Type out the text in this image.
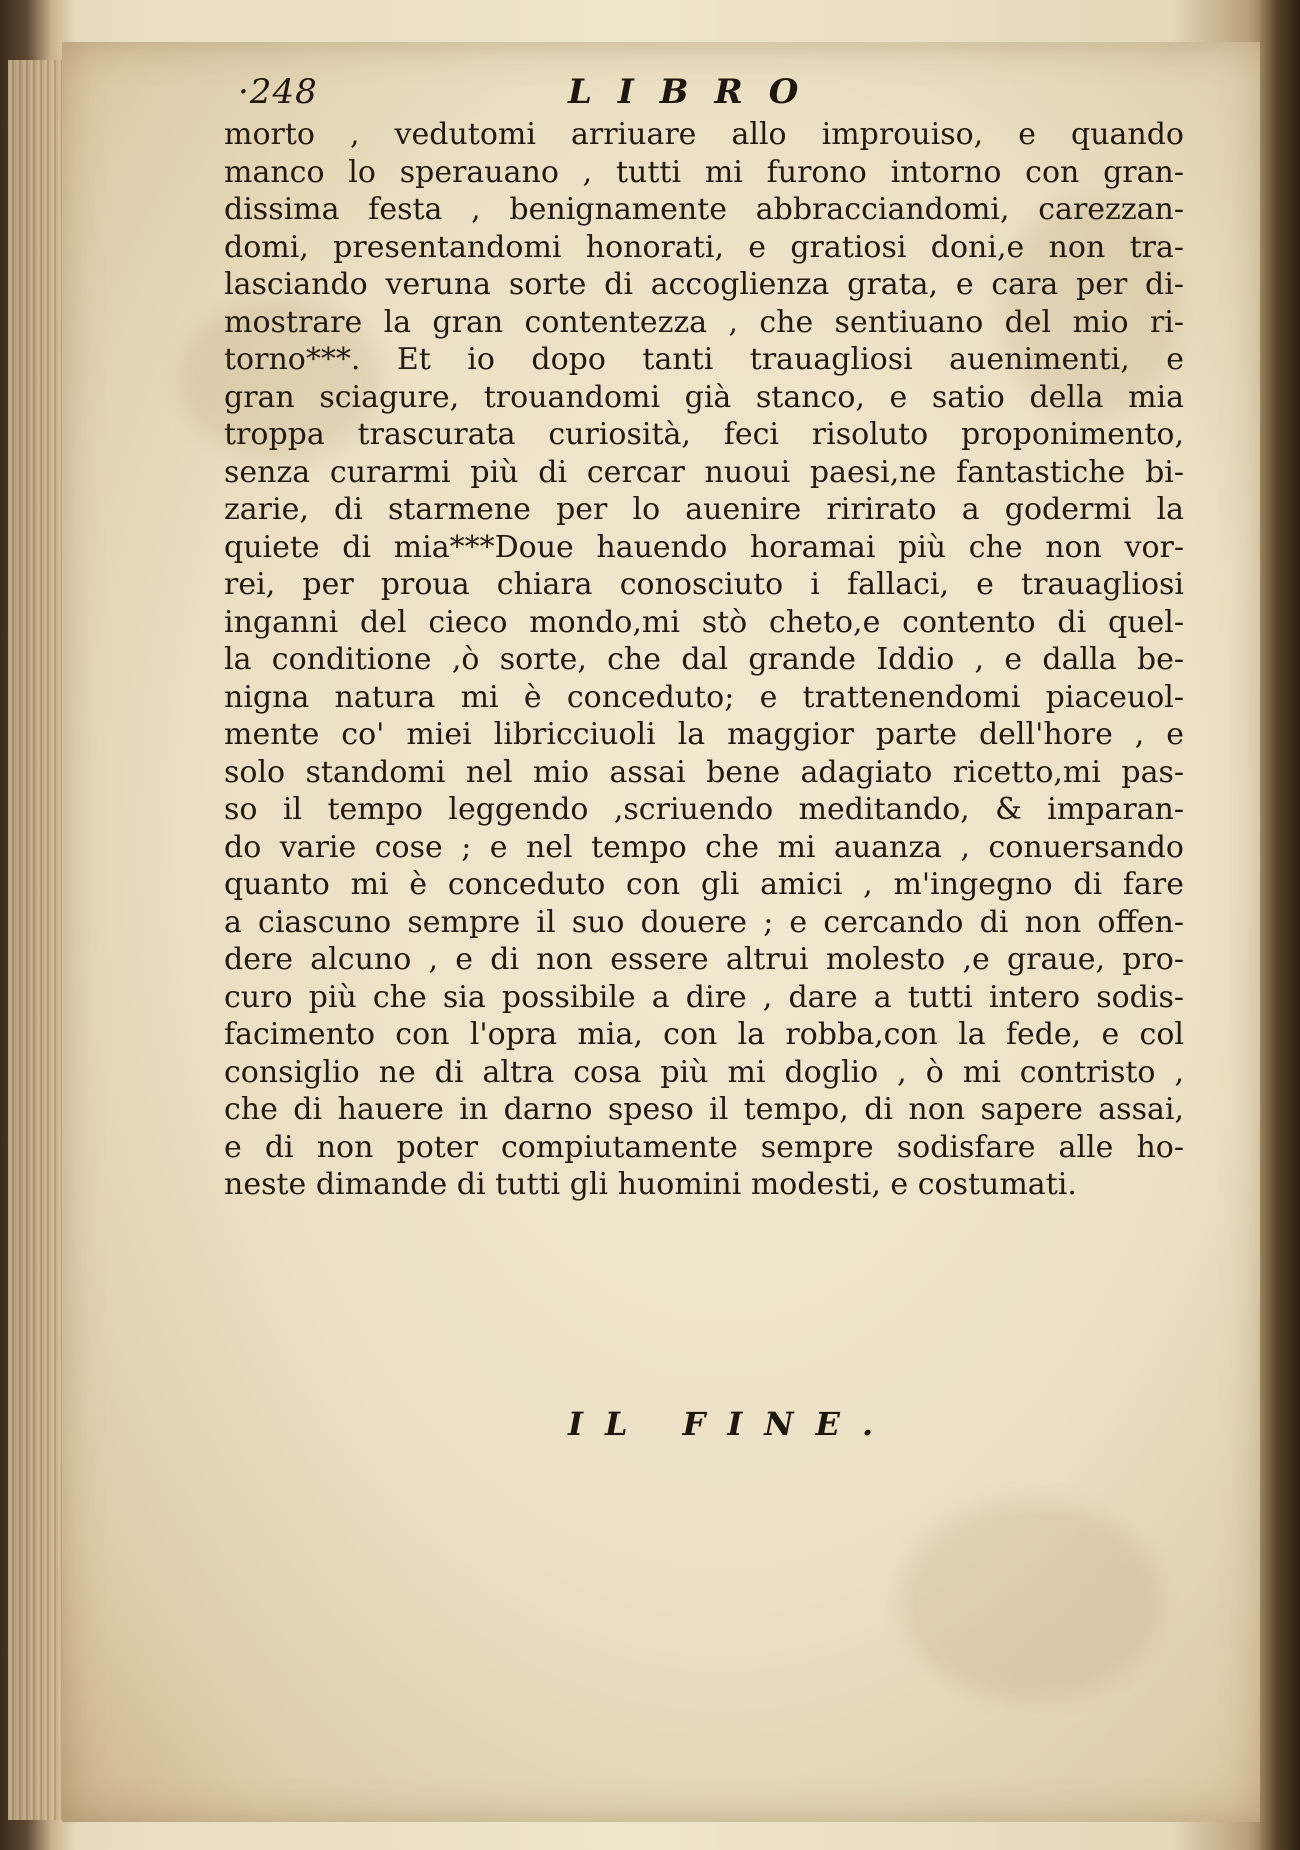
·248	LIBRO
morto , vedutomi arriuare allo improuiso, e quando
manco lo sperauano , tutti mi furono intorno con gran-
dissima festa , benignamente abbracciandomi, carezzan-
domi, presentandomi honorati, e gratiosi doni,e non tra-
lasciando veruna sorte di accoglienza grata, e cara per di-
mostrare la gran contentezza , che sentiuano del mio ri-
torno***. Et io dopo tanti trauagliosi auenimenti, e
gran sciagure, trouandomi già stanco, e satio della mia
troppa trascurata curiosità, feci risoluto proponimento,
senza curarmi più di cercar nuoui paesi,ne fantastiche bi-
zarie, di starmene per lo auenire ririrato a godermi la
quiete di mia***Doue hauendo horamai più che non vor-
rei, per proua chiara conosciuto i fallaci, e trauagliosi
inganni del cieco mondo,mi stò cheto,e contento di quel-
la conditione ,ò sorte, che dal grande Iddio , e dalla be-
nigna natura mi è conceduto; e trattenendomi piaceuol-
mente co' miei libricciuoli la maggior parte dell'hore , e
solo standomi nel mio assai bene adagiato ricetto,mi pas-
so il tempo leggendo ,scriuendo meditando, & imparan-
do varie cose ; e nel tempo che mi auanza , conuersando
quanto mi è conceduto con gli amici , m'ingegno di fare
a ciascuno sempre il suo douere ; e cercando di non offen-
dere alcuno , e di non essere altrui molesto ,e graue, pro-
curo più che sia possibile a dire , dare a tutti intero sodis-
facimento con l'opra mia, con la robba,con la fede, e col
consiglio ne di altra cosa più mi doglio , ò mi contristo ,
che di hauere in darno speso il tempo, di non sapere assai,
e di non poter compiutamente sempre sodisfare alle ho-
neste dimande di tutti gli huomini modesti, e costumati.
IL FINE.
